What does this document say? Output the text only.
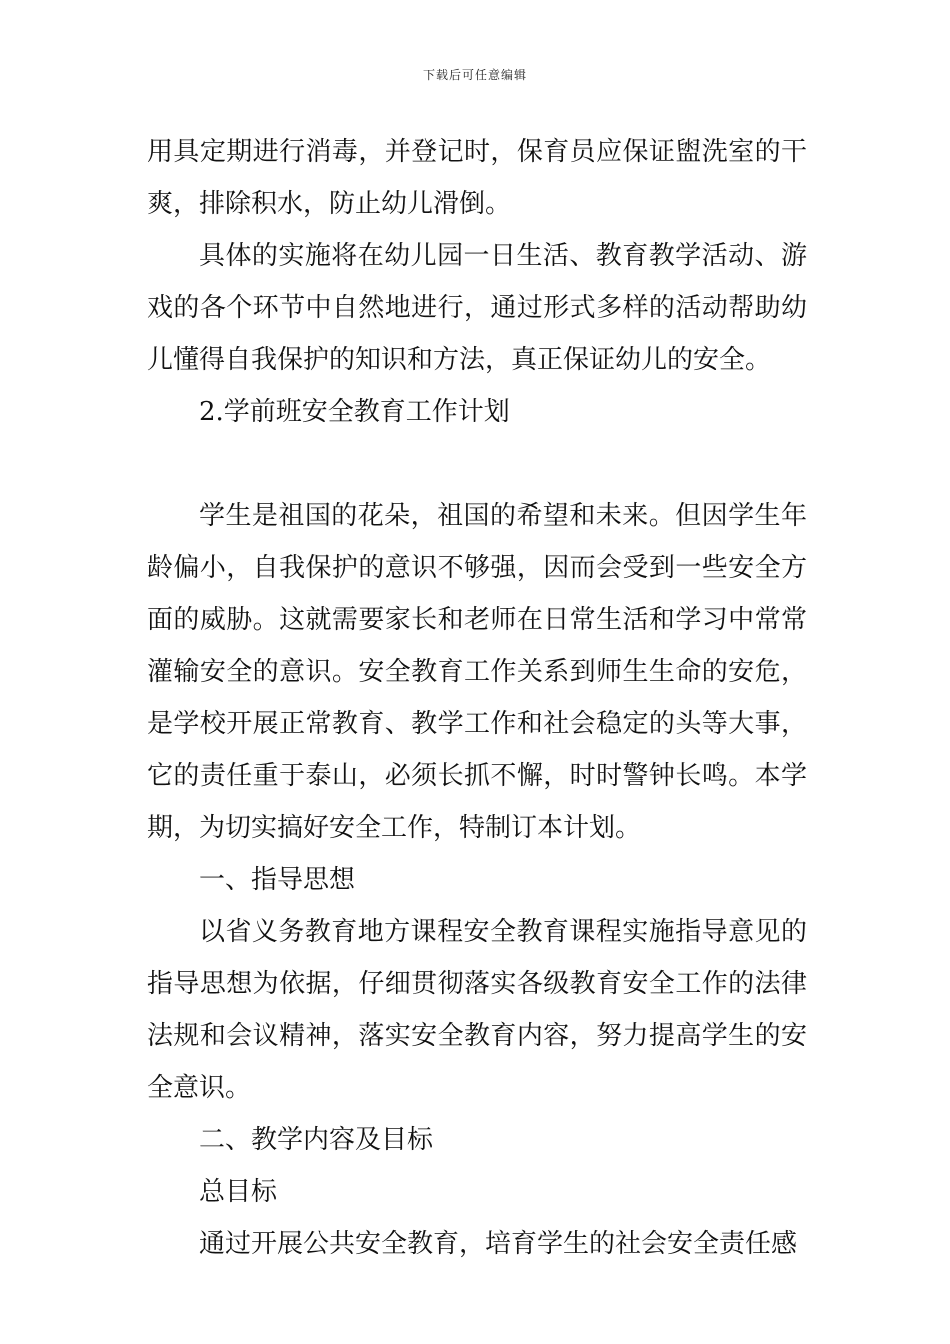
下载后可任意编辑

用具定期进行消毒，并登记时，保育员应保证盥洗室的干爽，排除积水，防止幼儿滑倒。

具体的实施将在幼儿园一日生活、教育教学活动、游戏的各个环节中自然地进行，通过形式多样的活动帮助幼儿懂得自我保护的知识和方法，真正保证幼儿的安全。

2.学前班安全教育工作计划

学生是祖国的花朵，祖国的希望和未来。但因学生年龄偏小，自我保护的意识不够强，因而会受到一些安全方面的威胁。这就需要家长和老师在日常生活和学习中常常灌输安全的意识。安全教育工作关系到师生生命的安危，是学校开展正常教育、教学工作和社会稳定的头等大事，它的责任重于泰山，必须长抓不懈，时时警钟长鸣。本学期，为切实搞好安全工作，特制订本计划。

一、指导思想

以省义务教育地方课程安全教育课程实施指导意见的指导思想为依据，仔细贯彻落实各级教育安全工作的法律法规和会议精神，落实安全教育内容，努力提高学生的安全意识。

二、教学内容及目标

总目标

通过开展公共安全教育，培育学生的社会安全责任感
